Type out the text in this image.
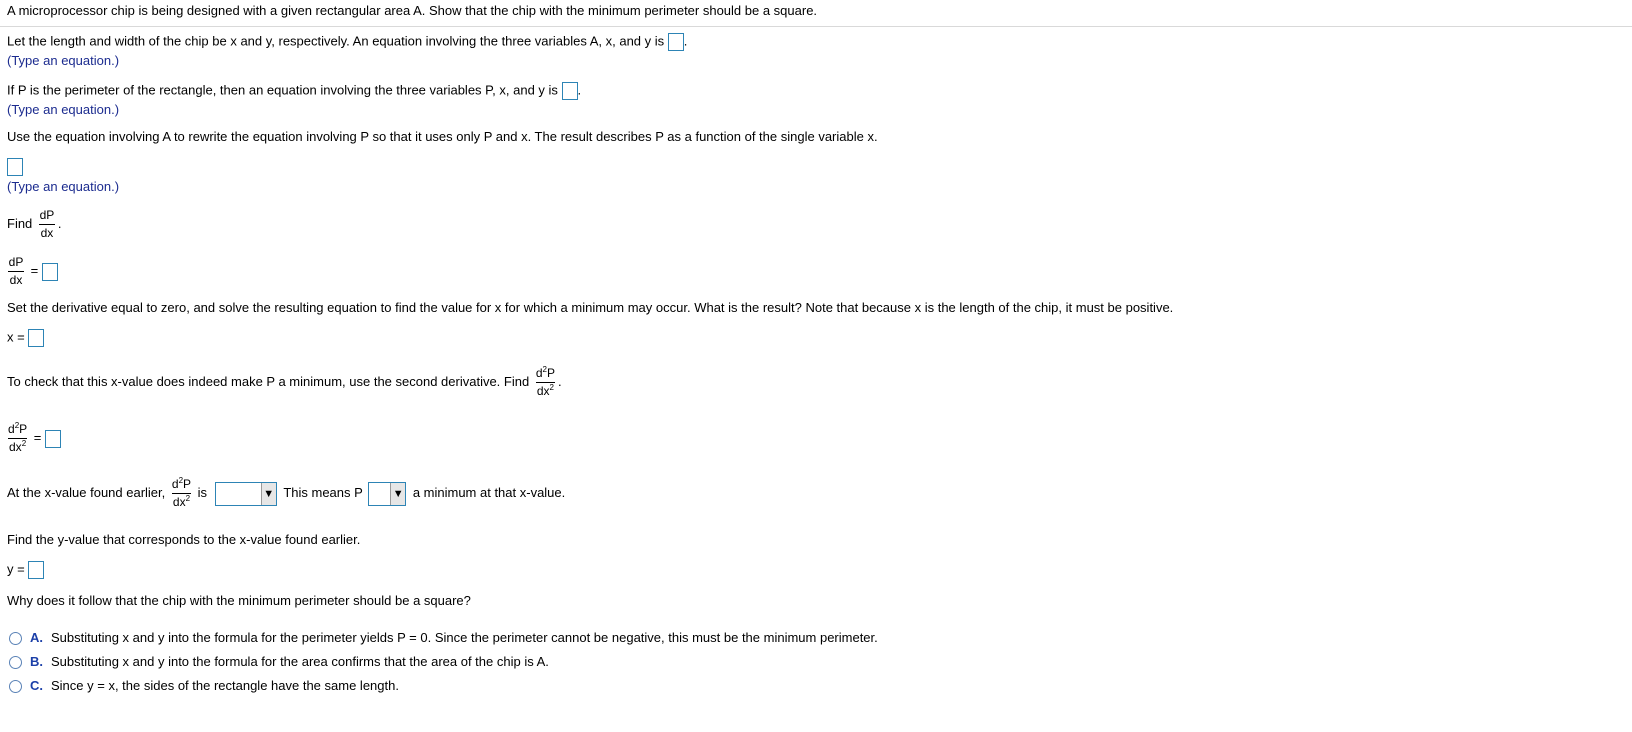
A microprocessor chip is being designed with a given rectangular area A. Show that the chip with the minimum perimeter should be a square.
Let the length and width of the chip be x and y, respectively. An equation involving the three variables A, x, and y is .
(Type an equation.)
If P is the perimeter of the rectangle, then an equation involving the three variables P, x, and y is .
(Type an equation.)
Use the equation involving A to rewrite the equation involving P so that it uses only P and x. The result describes P as a function of the single variable x.
(Type an equation.)
Find $\frac{dP}{dx}$ .
$\frac{dP}{dx}$ =
Set the derivative equal to zero, and solve the resulting equation to find the value for x for which a minimum may occur. What is the result? Note that because x is the length of the chip, it must be positive.
x =
To check that this x-value does indeed make P a minimum, use the second derivative. Find $\frac{d^2P}{dx^2}$ .
$\frac{d^2P}{dx^2}$ =
At the x-value found earlier, $\frac{d^2P}{dx^2}$ is	▼ This means P	▼ a minimum at that x-value.
Find the y-value that corresponds to the x-value found earlier.
y =
Why does it follow that the chip with the minimum perimeter should be a square?
A. Substituting x and y into the formula for the perimeter yields P = 0. Since the perimeter cannot be negative, this must be the minimum perimeter.
B. Substituting x and y into the formula for the area confirms that the area of the chip is A.
C. Since y = x, the sides of the rectangle have the same length.
